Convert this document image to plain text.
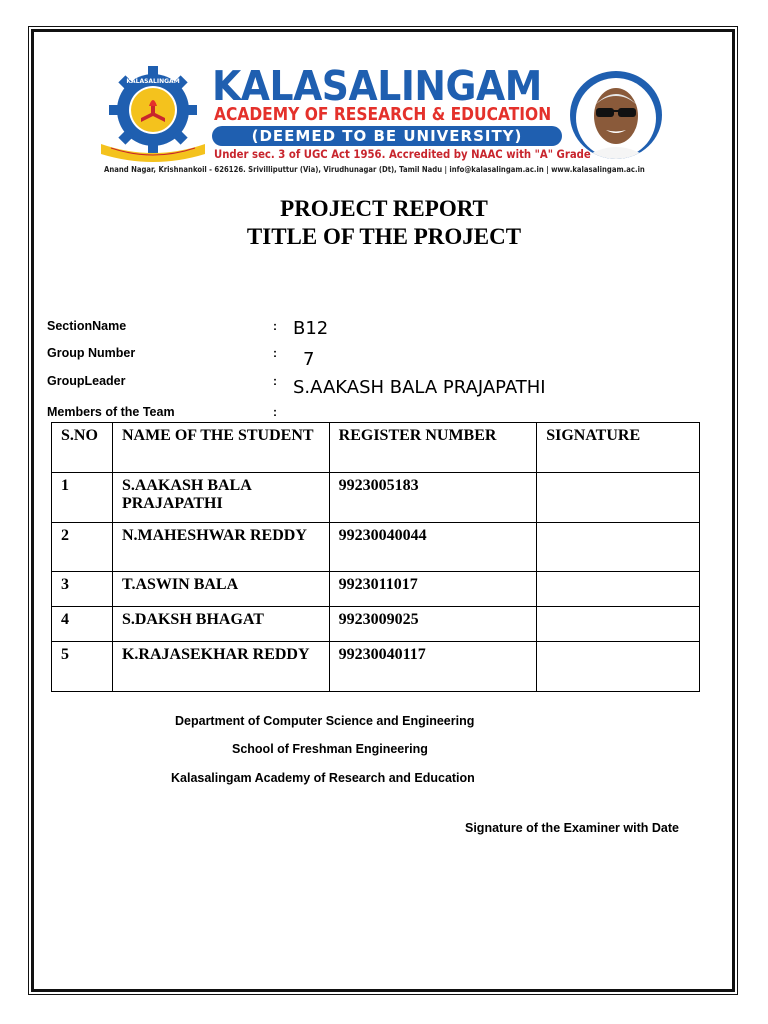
KALASALINGAM KALASALINGAM
ACADEMY OF RESEARCH & EDUCATION
(DEEMED TO BE UNIVERSITY)
Under sec. 3 of UGC Act 1956. Accredited by NAAC with "A" Grade
Anand Nagar, Krishnankoil - 626126. Srivilliputtur (Via), Virudhunagar (Dt), Tamil Nadu | info@kalasalingam.ac.in | www.kalasalingam.ac.in
PROJECT REPORT
TITLE OF THE PROJECT
SectionName	: B12
Group Number	: 7
GroupLeader	: S.AAKASH BALA PRAJAPATHI
Members of the Team	:
S.NO	NAME OF THE STUDENT	REGISTER NUMBER	SIGNATURE
1	S.AAKASH BALA PRAJAPATHI	9923005183	
2	N.MAHESHWAR REDDY	99230040044	
3	T.ASWIN BALA	9923011017	
4	S.DAKSH BHAGAT	9923009025	
5	K.RAJASEKHAR REDDY	99230040117	
Department of Computer Science and Engineering
School of Freshman Engineering
Kalasalingam Academy of Research and Education
Signature of the Examiner with Date
